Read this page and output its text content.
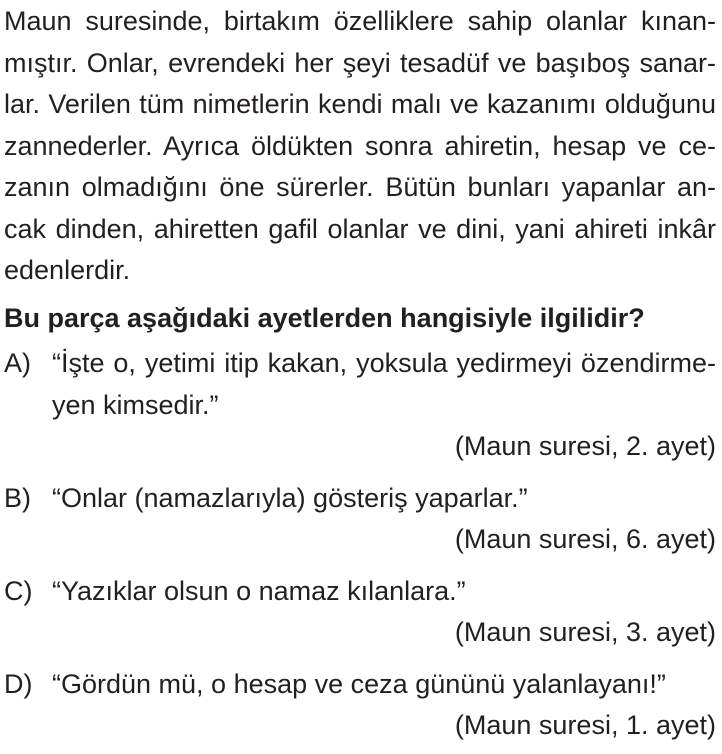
Maun suresinde, birtakım özelliklere sahip olanlar kınan-
mıştır. Onlar, evrendeki her şeyi tesadüf ve başıboş sanar-
lar. Verilen tüm nimetlerin kendi malı ve kazanımı olduğunu
zannederler. Ayrıca öldükten sonra ahiretin, hesap ve ce-
zanın olmadığını öne sürerler. Bütün bunları yapanlar an-
cak dinden, ahiretten gafil olanlar ve dini, yani ahireti inkâr
edenlerdir.
Bu parça aşağıdaki ayetlerden hangisiyle ilgilidir?
A) “İşte o, yetimi itip kakan, yoksula yedirmeyi özendirme-
yen kimsedir.”
(Maun suresi, 2. ayet)
B) “Onlar (namazlarıyla) gösteriş yaparlar.”
(Maun suresi, 6. ayet)
C) “Yazıklar olsun o namaz kılanlara.”
(Maun suresi, 3. ayet)
D) “Gördün mü, o hesap ve ceza gününü yalanlayanı!”
(Maun suresi, 1. ayet)
